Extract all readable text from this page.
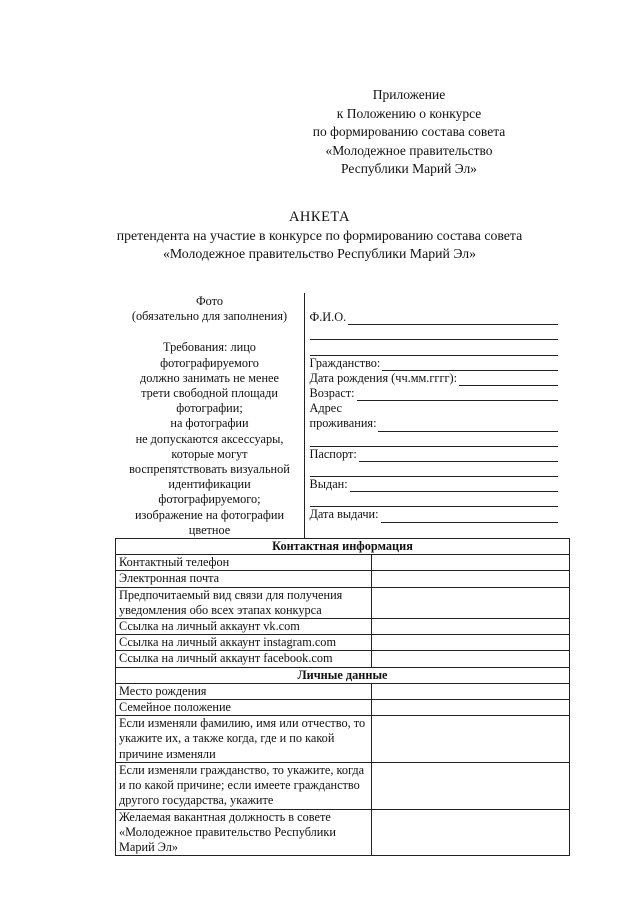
Приложение
к Положению о конкурсе
по формированию состава совета
«Молодежное правительство
Республики Марий Эл»
АНКЕТА
претендента на участие в конкурсе по формированию состава совета
«Молодежное правительство Республики Марий Эл»
Фото
(обязательно для заполнения)
Требования: лицо
фотографируемого
должно занимать не менее
трети свободной площади
фотографии;
на фотографии
не допускаются аксессуары,
которые могут
воспрепятствовать визуальной
идентификации
фотографируемого;
изображение на фотографии
цветное

Ф.И.О.
Гражданство:
Дата рождения (чч.мм.гггг):
Возраст:
Адрес
проживания:
Паспорт:
Выдан:
Дата выдачи:

Контактная информация
Контактный телефон	
Электронная почта	
Предпочитаемый вид связи для получения уведомления обо всех этапах конкурса	
Ссылка на личный аккаунт vk.com	
Ссылка на личный аккаунт instagram.com	
Ссылка на личный аккаунт facebook.com	
Личные данные
Место рождения	
Семейное положение	
Если изменяли фамилию, имя или отчество, то укажите их, а также когда, где и по какой причине изменяли	
Если изменяли гражданство, то укажите, когда и по какой причине; если имеете гражданство другого государства, укажите	
Желаемая вакантная должность в совете «Молодежное правительство Республики Марий Эл»	
